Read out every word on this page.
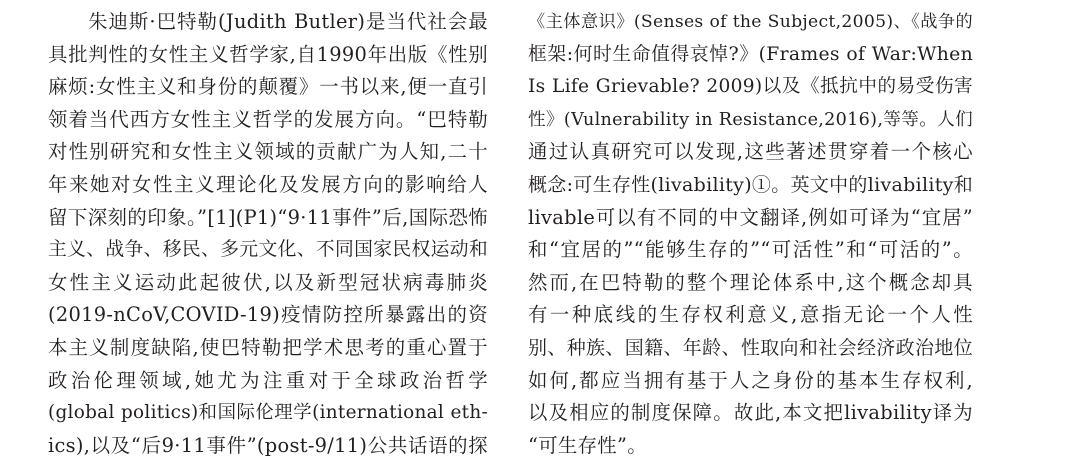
朱迪斯·巴特勒(Judith Butler)是当代社会最
具批判性的女性主义哲学家,自1990年出版《性别
麻烦:女性主义和身份的颠覆》一书以来,便一直引
领着当代西方女性主义哲学的发展方向。“巴特勒
对性别研究和女性主义领域的贡献广为人知,二十
年来她对女性主义理论化及发展方向的影响给人
留下深刻的印象。”[1](P1)“9·11事件”后,国际恐怖
主义、战争、移民、多元文化、不同国家民权运动和
女性主义运动此起彼伏,以及新型冠状病毒肺炎
(2019-nCoV,COVID-19)疫情防控所暴露出的资
本主义制度缺陷,使巴特勒把学术思考的重心置于
政治伦理领域,她尤为注重对于全球政治哲学
(global politics)和国际伦理学(international eth-
ics),以及“后9·11事件”(post-9/11)公共话语的探
《主体意识》(Senses of the Subject,2005)、《战争的
框架:何时生命值得哀悼?》(Frames of War:When
Is Life Grievable? 2009)以及《抵抗中的易受伤害
性》(Vulnerability in Resistance,2016),等等。人们
通过认真研究可以发现,这些著述贯穿着一个核心
概念:可生存性(livability)①。英文中的livability和
livable可以有不同的中文翻译,例如可译为“宜居”
和“宜居的”“能够生存的”“可活性”和“可活的”。
然而,在巴特勒的整个理论体系中,这个概念却具
有一种底线的生存权利意义,意指无论一个人性
别、种族、国籍、年龄、性取向和社会经济政治地位
如何,都应当拥有基于人之身份的基本生存权利,
以及相应的制度保障。故此,本文把livability译为
“可生存性”。
